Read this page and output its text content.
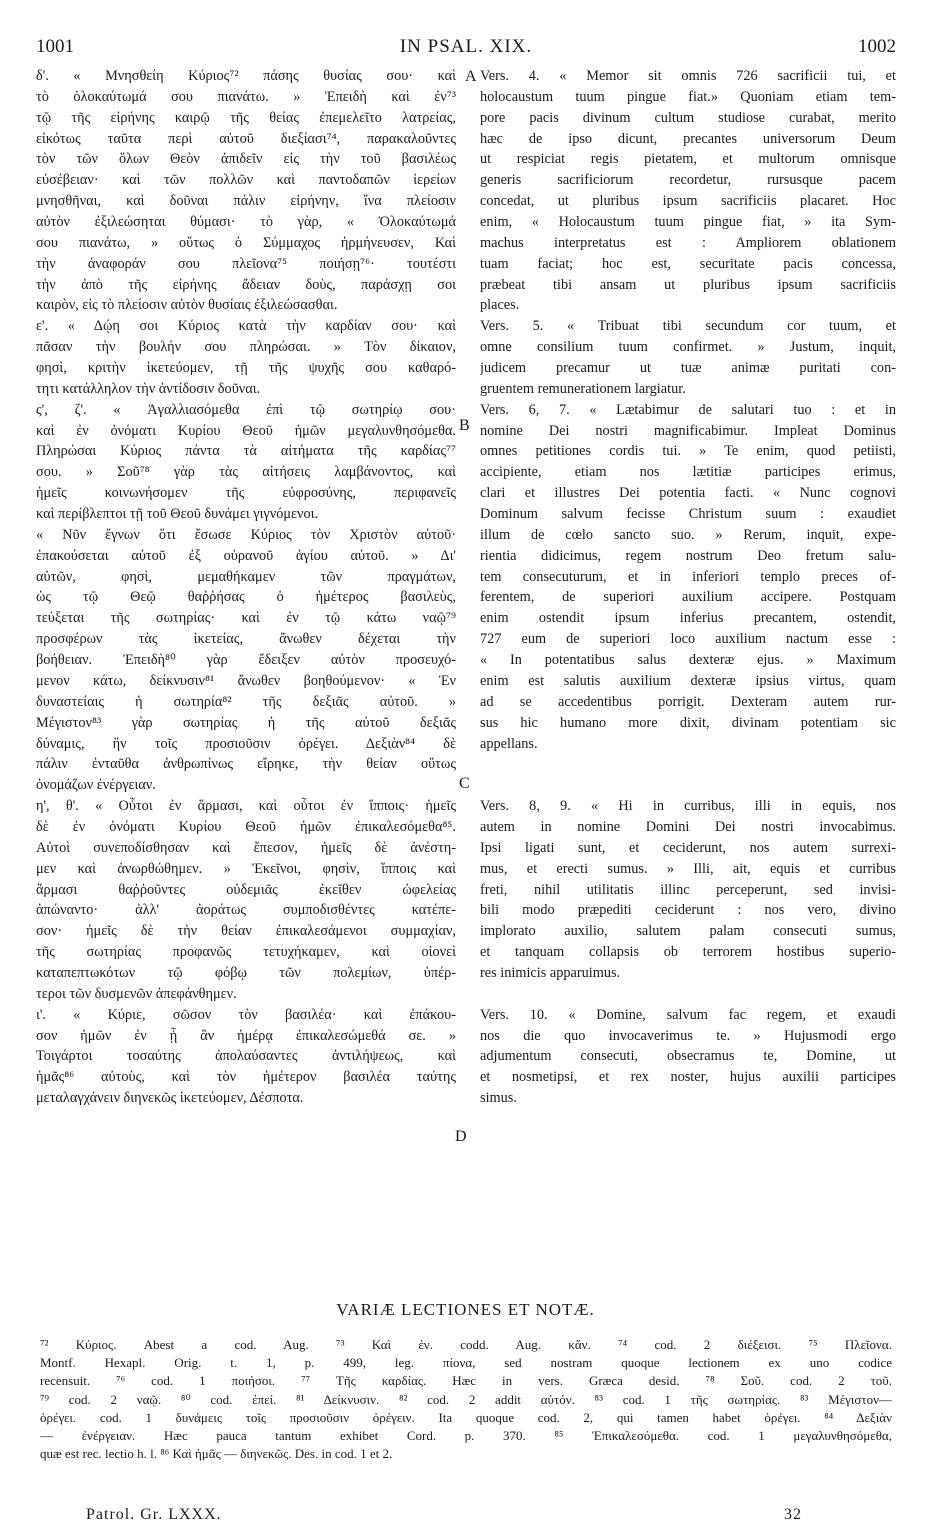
1001	IN PSAL. XIX.	1002
δ'. « Μνησθείη Κύριος⁷² πάσης θυσίας σου· καὶ
τὸ ὁλοκαύτωμά σου πιανάτω. » Ἐπειδὴ καὶ ἐν⁷³
τῷ τῆς εἰρήνης καιρῷ τῆς θείας ἐπεμελεῖτο λατρείας,
εἰκότως ταῦτα περὶ αὐτοῦ διεξίασι⁷⁴, παρακαλοῦντες
τὸν τῶν ὅλων Θεὸν ἀπιδεῖν εἰς τὴν τοῦ βασιλέως
εὐσέβειαν· καὶ τῶν πολλῶν καὶ παντοδαπῶν ἱερείων
μνησθῆναι, καὶ δοῦναι πάλιν εἰρήνην, ἵνα πλείοσιν
αὐτὸν ἐξιλεώσηται θύμασι· τὸ γὰρ, « Ὁλοκαύτωμά
σου πιανάτω, » οὕτως ὁ Σύμμαχος ἡρμήνευσεν, Καὶ
τὴν ἀναφοράν σου πλεῖονα⁷⁵ ποιήσῃ⁷⁶· τουτέστι
τὴν ἀπὸ τῆς εἰρήνης ἄδειαν δοὺς, παράσχῃ σοι
καιρὸν, εἰς τὸ πλείοσιν αὐτὸν θυσίαις ἐξιλεώσασθαι.
ε'. « Δῴη σοι Κύριος κατὰ τὴν καρδίαν σου· καὶ
πᾶσαν τὴν βουλήν σου πληρώσαι. » Τὸν δίκαιον,
φησὶ, κριτὴν ἱκετεύομεν, τῇ τῆς ψυχῆς σου καθαρό-
τητι κατάλληλον τὴν ἀντίδοσιν δοῦναι.
ς', ζ'. « Ἀγαλλιασόμεθα ἐπὶ τῷ σωτηρίῳ σου·
καὶ ἐν ὀνόματι Κυρίου Θεοῦ ἡμῶν μεγαλυνθησόμεθα.
Πληρώσαι Κύριος πάντα τὰ αἰτήματα τῆς καρδίας⁷⁷
σου. » Σοῦ⁷⁸ γὰρ τὰς αἰτήσεις λαμβάνοντος, καὶ
ἡμεῖς κοινωνήσομεν τῆς εὐφροσύνης, περιφανεῖς
καὶ περίβλεπτοι τῇ τοῦ Θεοῦ δυνάμει γιγνόμενοι.
« Νῦν ἔγνων ὅτι ἔσωσε Κύριος τὸν Χριστὸν αὐτοῦ·
ἐπακούσεται αὐτοῦ ἐξ οὐρανοῦ ἁγίου αὐτοῦ. » Δι'
αὐτῶν, φησὶ, μεμαθήκαμεν τῶν πραγμάτων,
ὡς τῷ Θεῷ θαῤῥήσας ὁ ἡμέτερος βασιλεὺς,
τεύξεται τῆς σωτηρίας· καὶ ἐν τῷ κάτω ναῷ⁷⁹
προσφέρων τὰς ἱκετείας, ἄνωθεν δέχεται τὴν
βοήθειαν. Ἐπειδὴ⁸⁰ γὰρ ἔδειξεν αὐτὸν προσευχό-
μενον κάτω, δείκνυσιν⁸¹ ἄνωθεν βοηθούμενον· « Ἐν
δυναστείαις ἡ σωτηρία⁸² τῆς δεξιᾶς αὐτοῦ. »
Μέγιστον⁸³ γὰρ σωτηρίας ἡ τῆς αὐτοῦ δεξιᾶς
δύναμις, ἣν τοῖς προσιοῦσιν ὀρέγει. Δεξιὰν⁸⁴ δὲ
πάλιν ἐνταῦθα ἀνθρωπίνως εἴρηκε, τὴν θείαν οὕτως
ὀνομάζων ἐνέργειαν.
η', θ'. « Οὗτοι ἐν ἅρμασι, καὶ οὗτοι ἐν ἵπποις· ἡμεῖς
δὲ ἐν ὀνόματι Κυρίου Θεοῦ ἡμῶν ἐπικαλεσόμεθα⁸⁵.
Αὐτοὶ συνεποδίσθησαν καὶ ἔπεσον, ἡμεῖς δὲ ἀνέστη-
μεν καὶ ἀνωρθώθημεν. » Ἐκεῖνοι, φησὶν, ἵπποις καὶ
ἅρμασι θαῤῥοῦντες οὐδεμιᾶς ἐκεῖθεν ὠφελείας
ἀπώναντο· ἀλλ' ἀοράτως συμποδισθέντες κατέπε-
σον· ἡμεῖς δὲ τὴν θείαν ἐπικαλεσάμενοι συμμαχίαν,
τῆς σωτηρίας προφανῶς τετυχήκαμεν, καὶ οἱονεὶ
καταπεπτωκότων τῷ φόβῳ τῶν πολεμίων, ὑπέρ-
τεροι τῶν δυσμενῶν ἀπεφάνθημεν.
ι'. « Κύριε, σῶσον τὸν βασιλέα· καὶ ἐπάκου-
σον ἡμῶν ἐν ᾗ ἂν ἡμέρᾳ ἐπικαλεσώμεθά σε. »
Τοιγάρτοι τοσαύτης ἀπολαύσαντες ἀντιλήψεως, καὶ
ἡμᾶς⁸⁶ αὐτοὺς, καὶ τὸν ἡμέτερον βασιλέα ταύτης
μεταλαγχάνειν διηνεκῶς ἱκετεύομεν, Δέσποτα.
Vers. 4. « Memor sit omnis 726 sacrificii tui, et
holocaustum tuum pingue fiat.» Quoniam etiam tem-
pore pacis divinum cultum studiose curabat, merito
hæc de ipso dicunt, precantes universorum Deum
ut respiciat regis pietatem, et multorum omnisque
generis sacrificiorum recordetur, rursusque pacem
concedat, ut pluribus ipsum sacrificiis placaret. Hoc
enim, « Holocaustum tuum pingue fiat, » ita Sym-
machus interpretatus est : Ampliorem oblationem
tuam faciat; hoc est, securitate pacis concessa,
præbeat tibi ansam ut pluribus ipsum sacrificiis
places.
Vers. 5. « Tribuat tibi secundum cor tuum, et
omne consilium tuum confirmet. » Justum, inquit,
judicem precamur ut tuæ animæ puritati con-
gruentem remunerationem largiatur.
Vers. 6, 7. « Lætabimur de salutari tuo : et in
nomine Dei nostri magnificabimur. Impleat Dominus
omnes petitiones cordis tui. » Te enim, quod petiisti,
accipiente, etiam nos lætitiæ participes erimus,
clari et illustres Dei potentia facti. « Nunc cognovi
Dominum salvum fecisse Christum suum : exaudiet
illum de cœlo sancto suo. » Rerum, inquit, expe-
rientia didicimus, regem nostrum Deo fretum salu-
tem consecuturum, et in inferiori templo preces of-
ferentem, de superiori auxilium accipere. Postquam
enim ostendit ipsum inferius precantem, ostendit,
727 eum de superiori loco auxilium nactum esse :
« In potentatibus salus dexteræ ejus. » Maximum
enim est salutis auxilium dexteræ ipsius virtus, quam
ad se accedentibus porrigit. Dexteram autem rur-
sus hic humano more dixit, divinam potentiam sic
appellans.
Vers. 8, 9. « Hi in curribus, illi in equis, nos
autem in nomine Domini Dei nostri invocabimus.
Ipsi ligati sunt, et ceciderunt, nos autem surrexi-
mus, et erecti sumus. » Illi, ait, equis et curribus
freti, nihil utilitatis illinc perceperunt, sed invisi-
bili modo præpediti ceciderunt : nos vero, divino
implorato auxilio, salutem palam consecuti sumus,
et tanquam collapsis ob terrorem hostibus superio-
res inimicis apparuimus.
Vers. 10. « Domine, salvum fac regem, et exaudi
nos die quo invocaverimus te. » Hujusmodi ergo
adjumentum consecuti, obsecramus te, Domine, ut
et nosmetipsi, et rex noster, hujus auxilii participes
simus.
A
B
C
D
VARIÆ LECTIONES ET NOTÆ.
⁷² Κύριος. Abest a cod. Aug. ⁷³ Καὶ ἐν. codd. Aug. κἄν. ⁷⁴ cod. 2 διέξεισι. ⁷⁵ Πλεῖονα.
Montf. Hexapl. Orig. t. 1, p. 499, leg. πίονα, sed nostram quoque lectionem ex uno codice
recensuit. ⁷⁶ cod. 1 ποιήσοι. ⁷⁷ Τῆς καρδίας. Hæc in vers. Græca desid. ⁷⁸ Σοῦ. cod. 2 τοῦ.
⁷⁹ cod. 2 ναῷ. ⁸⁰ cod. ἐπεί. ⁸¹ Δείκνυσιν. ⁸² cod. 2 addit αὐτόν. ⁸³ cod. 1 τῆς σωτηρίας. ⁸³ Μέγιστον—
ὀρέγει. cod. 1 δυνάμεις τοῖς προσιοῦσιν ὀρέγειν. Ita quoque cod. 2, qui tamen habet ὀρέγει. ⁸⁴ Δεξιὰν
— ἐνέργειαν. Hæc pauca tantum exhibet Cord. p. 370. ⁸⁵ Ἐπικαλεσόμεθα. cod. 1 μεγαλυνθησόμεθα,
quæ est rec. lectio h. l. ⁸⁶ Καὶ ἡμᾶς — διηνεκῶς. Des. in cod. 1 et 2.
Patrol. Gr. LXXX.	32
